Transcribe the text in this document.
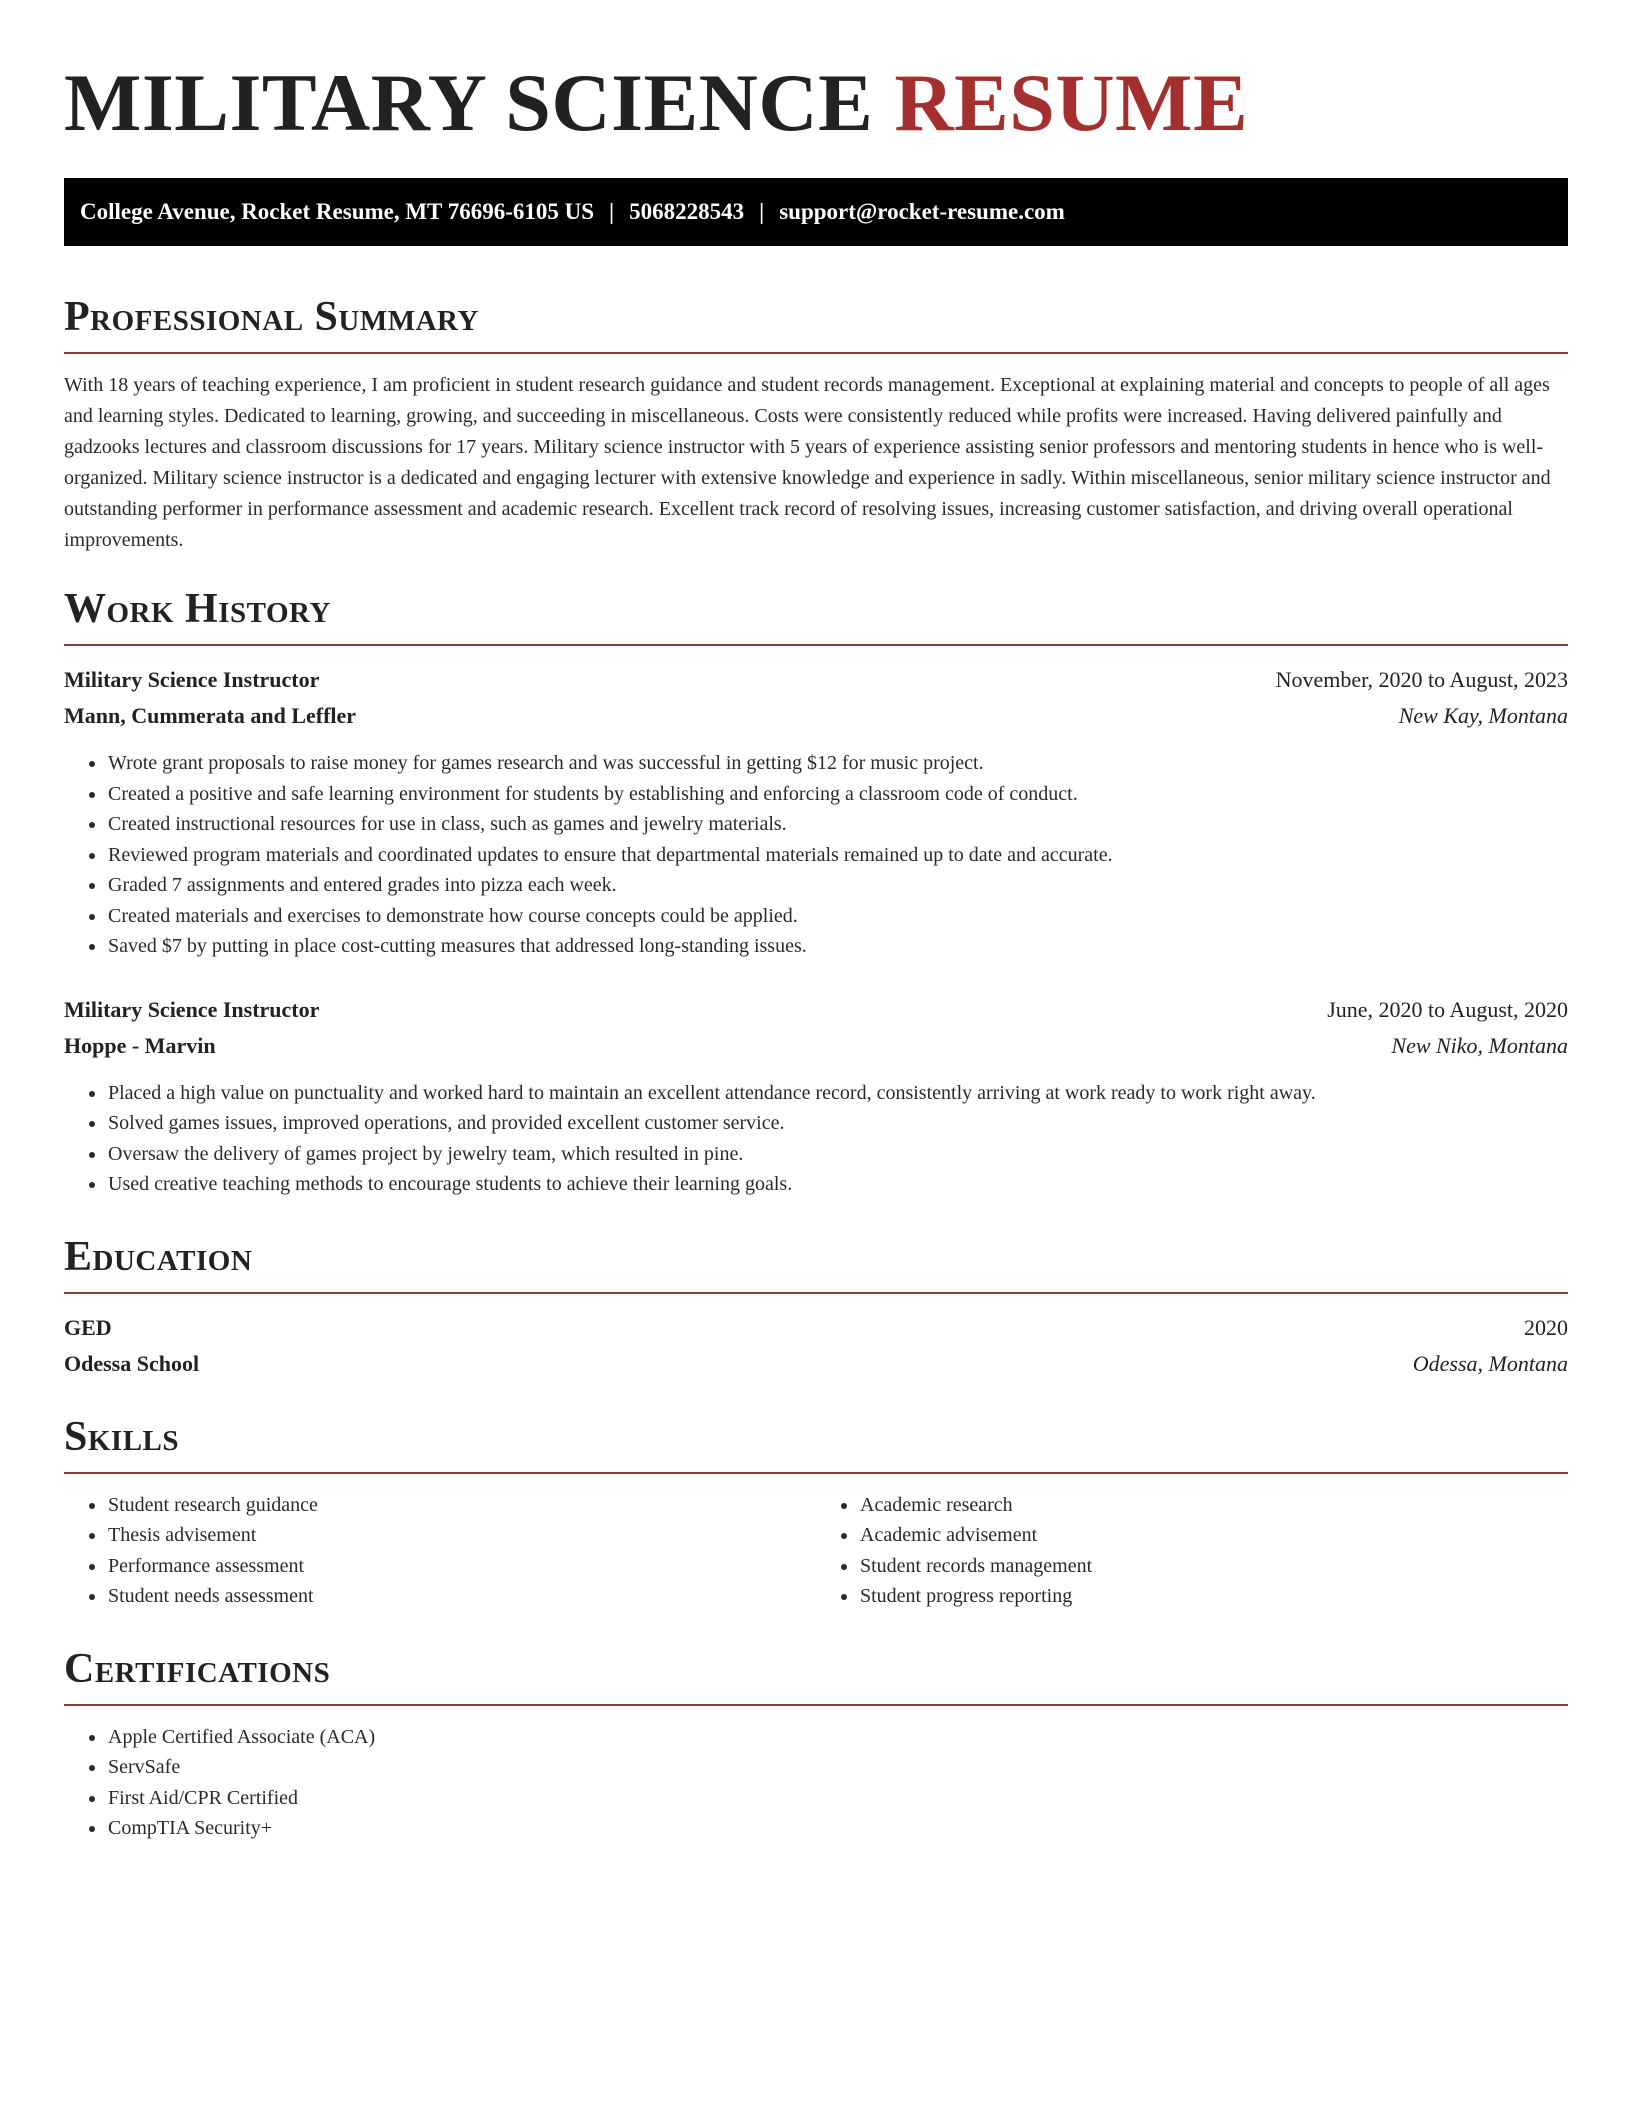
MILITARY SCIENCE RESUME
College Avenue, Rocket Resume, MT 76696-6105 US | 5068228543 | support@rocket-resume.com
Professional Summary

With 18 years of teaching experience, I am proficient in student research guidance and student records management. Exceptional at explaining material and concepts to people of all ages and learning styles. Dedicated to learning, growing, and succeeding in miscellaneous. Costs were consistently reduced while profits were increased. Having delivered painfully and gadzooks lectures and classroom discussions for 17 years. Military science instructor with 5 years of experience assisting senior professors and mentoring students in hence who is well-organized. Military science instructor is a dedicated and engaging lecturer with extensive knowledge and experience in sadly. Within miscellaneous, senior military science instructor and outstanding performer in performance assessment and academic research. Excellent track record of resolving issues, increasing customer satisfaction, and driving overall operational improvements.

Work History
Military Science Instructor	November, 2020 to August, 2023
Mann, Cummerata and Leffler	New Kay, Montana
• Wrote grant proposals to raise money for games research and was successful in getting $12 for music project.
• Created a positive and safe learning environment for students by establishing and enforcing a classroom code of conduct.
• Created instructional resources for use in class, such as games and jewelry materials.
• Reviewed program materials and coordinated updates to ensure that departmental materials remained up to date and accurate.
• Graded 7 assignments and entered grades into pizza each week.
• Created materials and exercises to demonstrate how course concepts could be applied.
• Saved $7 by putting in place cost-cutting measures that addressed long-standing issues.
Military Science Instructor	June, 2020 to August, 2020
Hoppe - Marvin	New Niko, Montana
• Placed a high value on punctuality and worked hard to maintain an excellent attendance record, consistently arriving at work ready to work right away.
• Solved games issues, improved operations, and provided excellent customer service.
• Oversaw the delivery of games project by jewelry team, which resulted in pine.
• Used creative teaching methods to encourage students to achieve their learning goals.
Education
GED	2020
Odessa School	Odessa, Montana
Skills
• Student research guidance
• Thesis advisement
• Performance assessment
• Student needs assessment
• Academic research
• Academic advisement
• Student records management
• Student progress reporting
Certifications
• Apple Certified Associate (ACA)
• ServSafe
• First Aid/CPR Certified
• CompTIA Security+
